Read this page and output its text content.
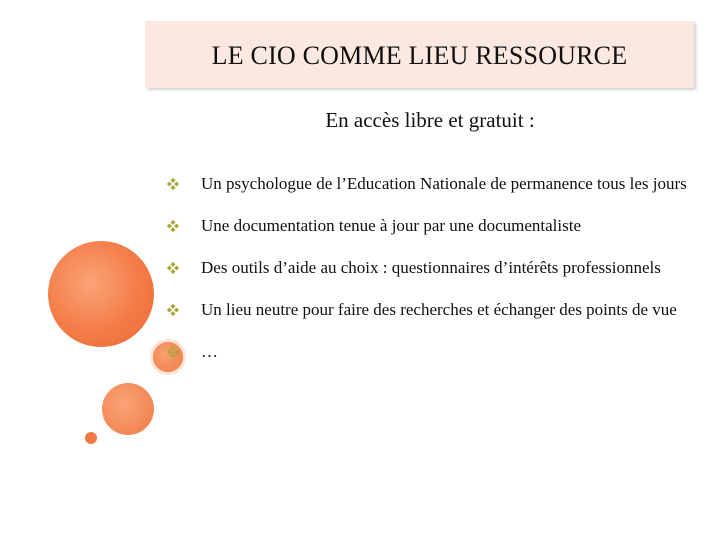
LE CIO COMME LIEU RESSOURCE
En accès libre et gratuit :
Un psychologue de l’Education Nationale de permanence tous les jours
Une documentation tenue à jour par une documentaliste
Des outils d’aide au choix : questionnaires d’intérêts professionnels
Un lieu neutre pour faire des recherches et échanger des points de vue
…
